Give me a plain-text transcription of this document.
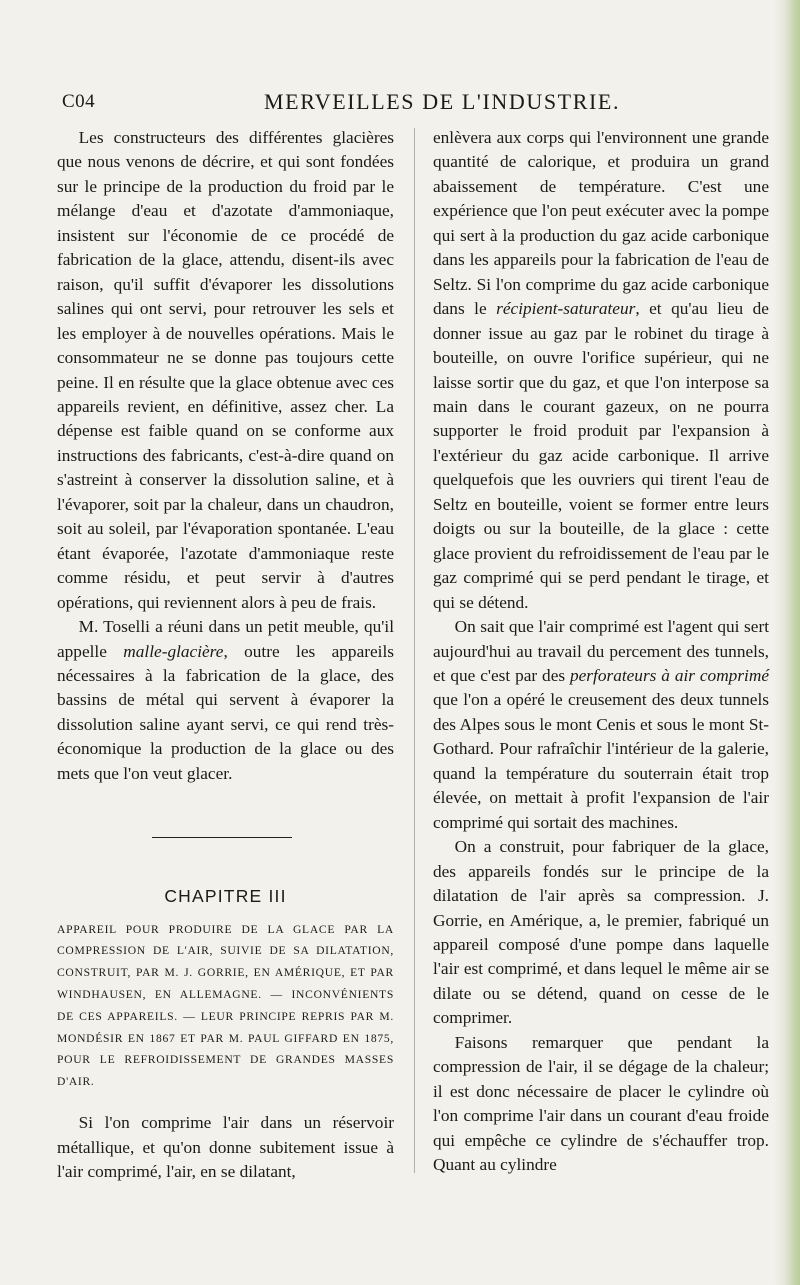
C04	MERVEILLES DE L'INDUSTRIE.

Les constructeurs des différentes glacières que nous venons de décrire, et qui sont fondées sur le principe de la production du froid par le mélange d'eau et d'azotate d'ammoniaque, insistent sur l'économie de ce procédé de fabrication de la glace, attendu, disent-ils avec raison, qu'il suffit d'évaporer les dissolutions salines qui ont servi, pour retrouver les sels et les employer à de nouvelles opérations. Mais le consommateur ne se donne pas toujours cette peine. Il en résulte que la glace obtenue avec ces appareils revient, en définitive, assez cher. La dépense est faible quand on se conforme aux instructions des fabricants, c'est-à-dire quand on s'astreint à conserver la dissolution saline, et à l'évaporer, soit par la chaleur, dans un chaudron, soit au soleil, par l'évaporation spontanée. L'eau étant évaporée, l'azotate d'ammoniaque reste comme résidu, et peut servir à d'autres opérations, qui reviennent alors à peu de frais.

M. Toselli a réuni dans un petit meuble, qu'il appelle malle-glacière, outre les appareils nécessaires à la fabrication de la glace, des bassins de métal qui servent à évaporer la dissolution saline ayant servi, ce qui rend très-économique la production de la glace ou des mets que l'on veut glacer.

CHAPITRE III
APPAREIL POUR PRODUIRE DE LA GLACE PAR LA COMPRESSION DE L'AIR, SUIVIE DE SA DILATATION, CONSTRUIT, PAR M. J. GORRIE, EN AMÉRIQUE, ET PAR WINDHAUSEN, EN ALLEMAGNE. — INCONVÉNIENTS DE CES APPAREILS. — LEUR PRINCIPE REPRIS PAR M. MONDÉSIR EN 1867 ET PAR M. PAUL GIFFARD EN 1875, POUR LE REFROIDISSEMENT DE GRANDES MASSES D'AIR.

Si l'on comprime l'air dans un réservoir métallique, et qu'on donne subitement issue à l'air comprimé, l'air, en se dilatant,

enlèvera aux corps qui l'environnent une grande quantité de calorique, et produira un grand abaissement de température. C'est une expérience que l'on peut exécuter avec la pompe qui sert à la production du gaz acide carbonique dans les appareils pour la fabrication de l'eau de Seltz. Si l'on comprime du gaz acide carbonique dans le récipient-saturateur, et qu'au lieu de donner issue au gaz par le robinet du tirage à bouteille, on ouvre l'orifice supérieur, qui ne laisse sortir que du gaz, et que l'on interpose sa main dans le courant gazeux, on ne pourra supporter le froid produit par l'expansion à l'extérieur du gaz acide carbonique. Il arrive quelquefois que les ouvriers qui tirent l'eau de Seltz en bouteille, voient se former entre leurs doigts ou sur la bouteille, de la glace : cette glace provient du refroidissement de l'eau par le gaz comprimé qui se perd pendant le tirage, et qui se détend.

On sait que l'air comprimé est l'agent qui sert aujourd'hui au travail du percement des tunnels, et que c'est par des perforateurs à air comprimé que l'on a opéré le creusement des deux tunnels des Alpes sous le mont Cenis et sous le mont St-Gothard. Pour rafraîchir l'intérieur de la galerie, quand la température du souterrain était trop élevée, on mettait à profit l'expansion de l'air comprimé qui sortait des machines.

On a construit, pour fabriquer de la glace, des appareils fondés sur le principe de la dilatation de l'air après sa compression. J. Gorrie, en Amérique, a, le premier, fabriqué un appareil composé d'une pompe dans laquelle l'air est comprimé, et dans lequel le même air se dilate ou se détend, quand on cesse de le comprimer.

Faisons remarquer que pendant la compression de l'air, il se dégage de la chaleur; il est donc nécessaire de placer le cylindre où l'on comprime l'air dans un courant d'eau froide qui empêche ce cylindre de s'échauffer trop. Quant au cylindre
